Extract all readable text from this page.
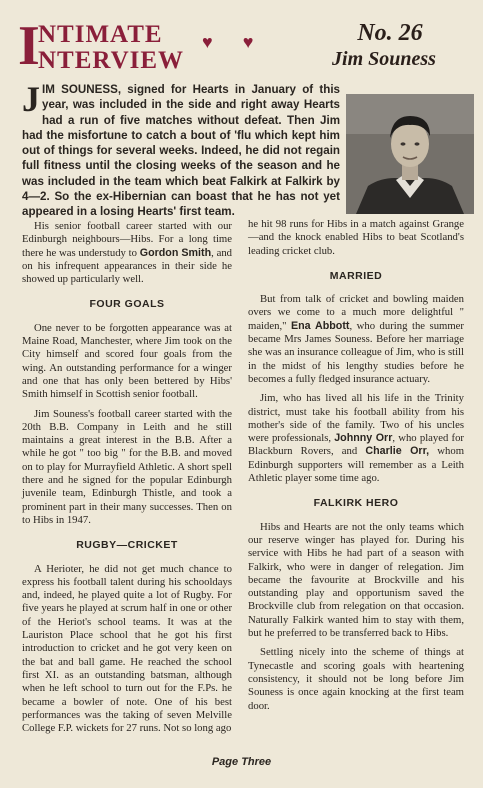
I
NTIMATE
NTERVIEW
♥ ♥	No. 26
Jim Souness

JIM SOUNESS, signed for Hearts in January of this year, was included in the side and right away Hearts had a run of five matches without defeat. Then Jim had the misfortune to catch a bout of 'flu which kept him out of things for several weeks. Indeed, he did not regain full fitness until the closing weeks of the season and he was included in the team which beat Falkirk at Falkirk by 4—2. So the ex-Hibernian can boast that he has not yet appeared in a losing Hearts' first team.

His senior football career started with our Edinburgh neighbours—Hibs. For a long time there he was understudy to Gordon Smith, and on his infrequent appearances in their side he showed up particularly well.

FOUR GOALS

One never to be forgotten appearance was at Maine Road, Manchester, where Jim took on the City himself and scored four goals from the wing. An outstanding performance for a winger and one that has only been bettered by Hibs' Smith himself in Scottish senior football.

Jim Souness's football career started with the 20th B.B. Company in Leith and he still maintains a great interest in the B.B. After a while he got " too big " for the B.B. and moved on to play for Murrayfield Athletic. A short spell there and he signed for the popular Edinburgh juvenile team, Edinburgh Thistle, and took a prominent part in their many successes. Then on to Hibs in 1947.

RUGBY—CRICKET

A Herioter, he did not get much chance to express his football talent during his schooldays and, indeed, he played quite a lot of Rugby. For five years he played at scrum half in one or other of the Heriot's school teams. It was at the Lauriston Place school that he got his first introduction to cricket and he got very keen on the bat and ball game. He reached the school first XI. as an outstanding batsman, although when he left school to turn out for the F.Ps. he became a bowler of note. One of his best performances was the taking of seven Melville College F.P. wickets for 27 runs. Not so long ago

he hit 98 runs for Hibs in a match against Grange—and the knock enabled Hibs to beat Scotland's leading cricket club.

MARRIED

But from talk of cricket and bowling maiden overs we come to a much more delightful " maiden," Ena Abbott, who during the summer became Mrs James Souness. Before her marriage she was an insurance colleague of Jim, who is still in the midst of his lengthy studies before he becomes a fully fledged insurance actuary.

Jim, who has lived all his life in the Trinity district, must take his football ability from his mother's side of the family. Two of his uncles were professionals, Johnny Orr, who played for Blackburn Rovers, and Charlie Orr, whom Edinburgh supporters will remember as a Leith Athletic player some time ago.

FALKIRK HERO

Hibs and Hearts are not the only teams which our reserve winger has played for. During his service with Hibs he had part of a season with Falkirk, who were in danger of relegation. Jim became the favourite at Brockville and his outstanding play and opportunism saved the Brockville club from relegation on that occasion. Naturally Falkirk wanted him to stay with them, but he preferred to be transferred back to Hibs.

Settling nicely into the scheme of things at Tynecastle and scoring goals with heartening consistency, it should not be long before Jim Souness is once again knocking at the first team door.

Page Three
